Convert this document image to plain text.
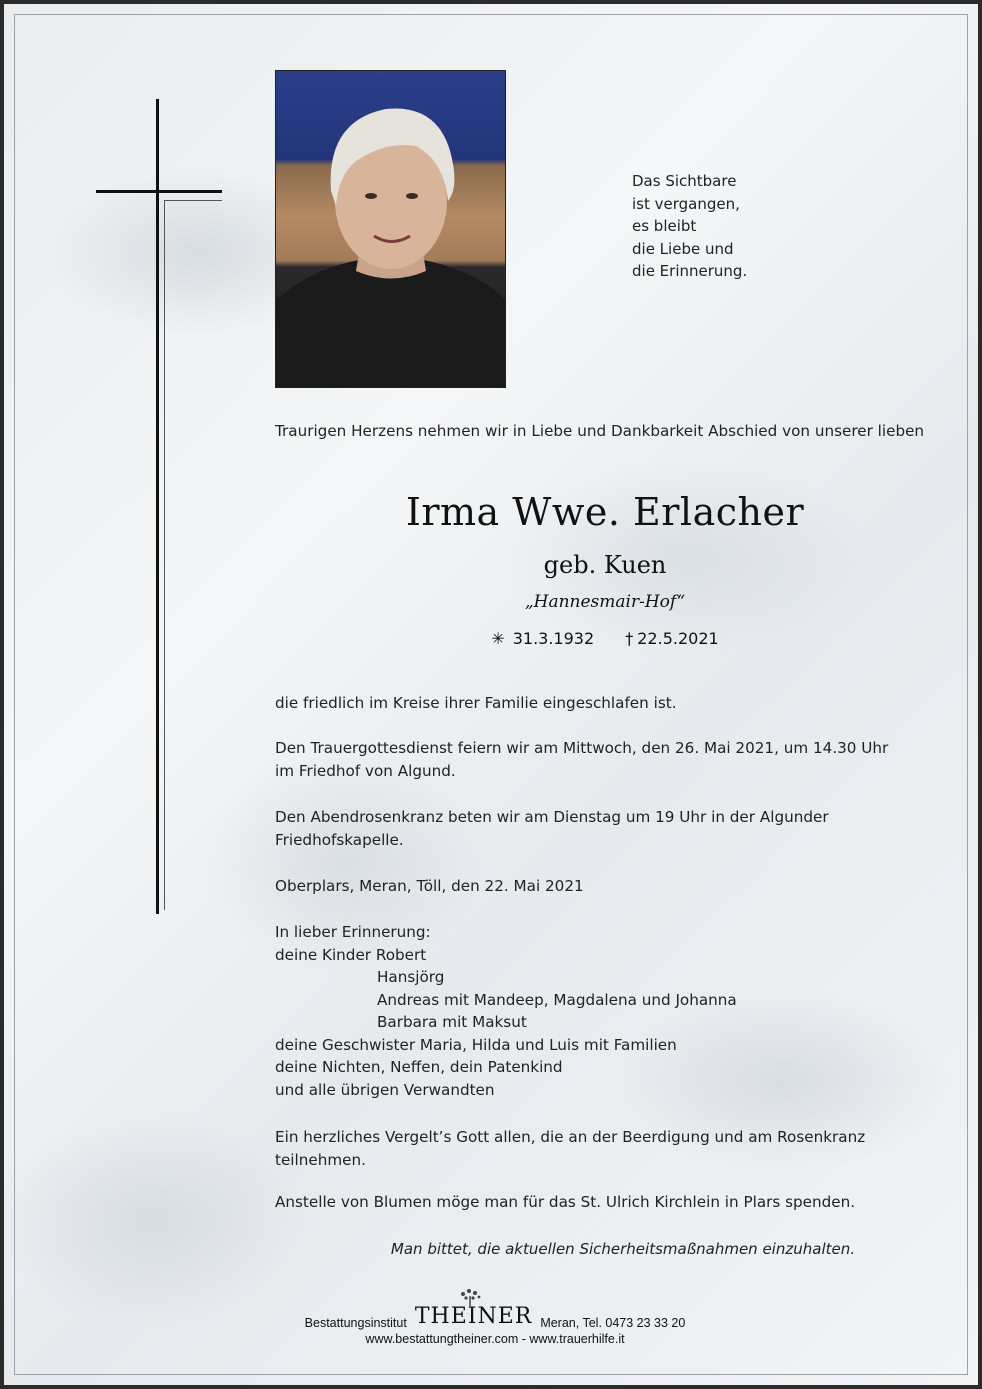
Das Sichtbare
ist vergangen,
es bleibt
die Liebe und
die Erinnerung.
Traurigen Herzens nehmen wir in Liebe und Dankbarkeit Abschied von unserer lieben
Irma Wwe. Erlacher
geb. Kuen
„Hannesmair-Hof“
✳ 31.3.1932 † 22.5.2021
die friedlich im Kreise ihrer Familie eingeschlafen ist.
Den Trauergottesdienst feiern wir am Mittwoch, den 26. Mai 2021, um 14.30 Uhr
im Friedhof von Algund.
Den Abendrosenkranz beten wir am Dienstag um 19 Uhr in der Algunder
Friedhofskapelle.
Oberplars, Meran, Töll, den 22. Mai 2021
In lieber Erinnerung:
deine Kinder Robert
Hansjörg
Andreas mit Mandeep, Magdalena und Johanna
Barbara mit Maksut
deine Geschwister Maria, Hilda und Luis mit Familien
deine Nichten, Neffen, dein Patenkind
und alle übrigen Verwandten
Ein herzliches Vergelt’s Gott allen, die an der Beerdigung und am Rosenkranz
teilnehmen.
Anstelle von Blumen möge man für das St. Ulrich Kirchlein in Plars spenden.
Man bittet, die aktuellen Sicherheitsmaßnahmen einzuhalten.
Bestattungsinstitut THEINER Meran, Tel. 0473 23 33 20
www.bestattungtheiner.com - www.trauerhilfe.it
